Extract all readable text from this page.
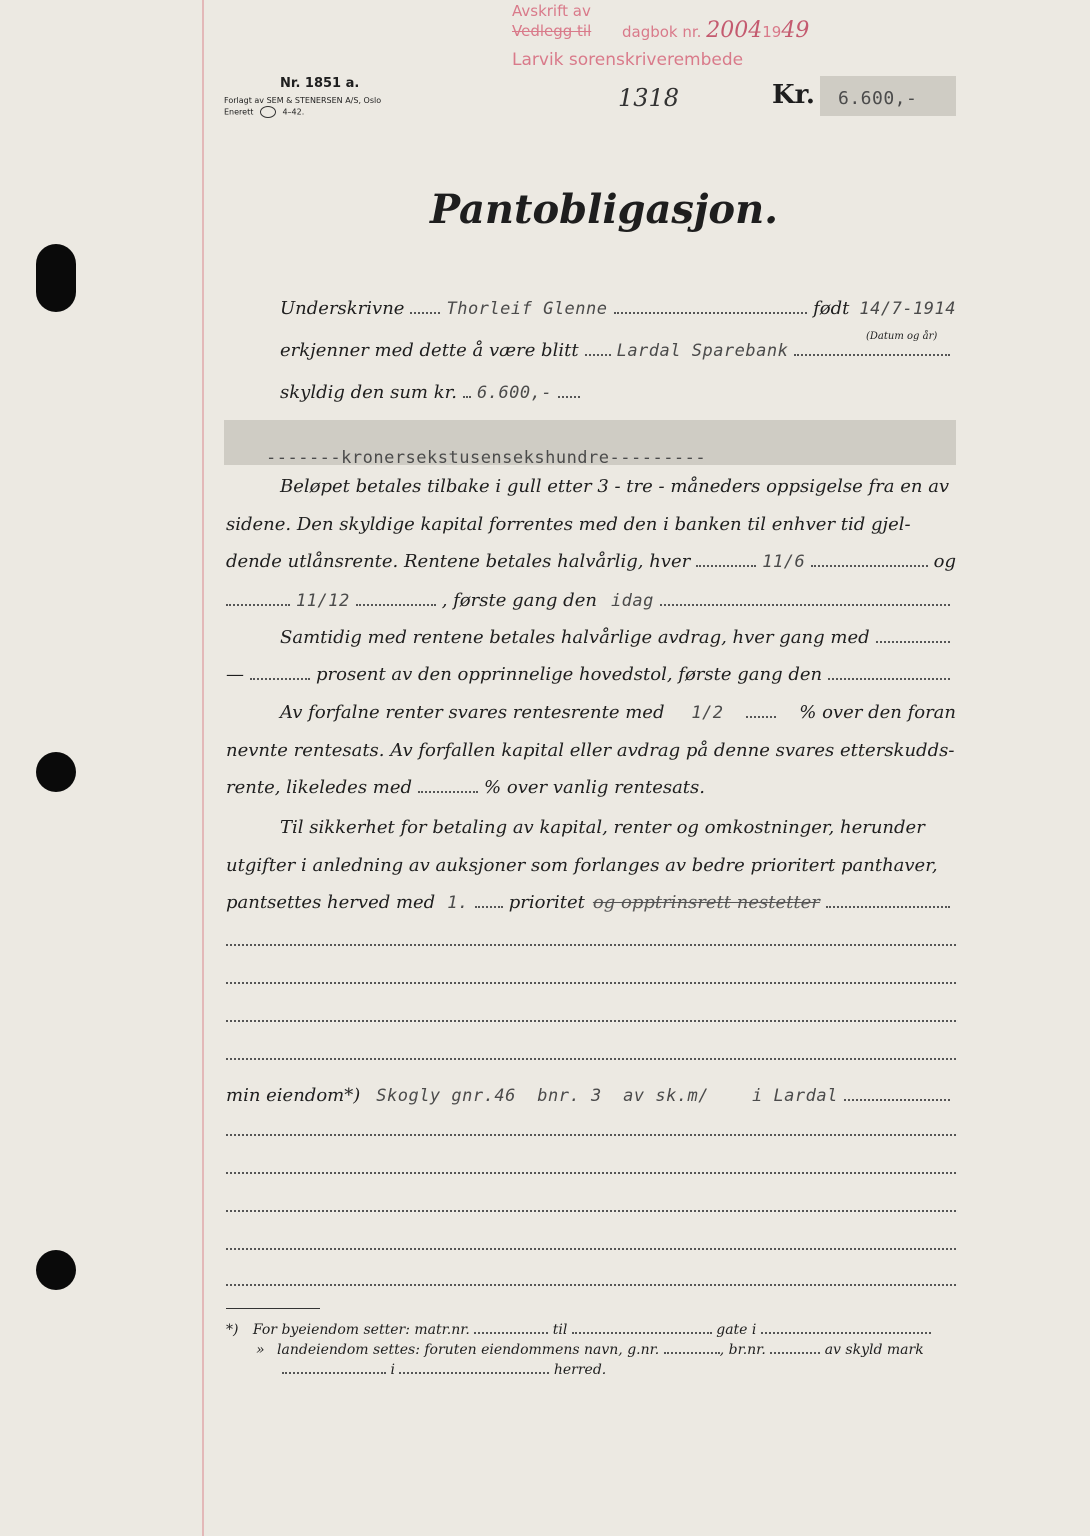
Avskrift av
Vedlegg til dagbok nr. 20041949
Larvik sorenskriverembede
1318
Nr. 1851 a.
Forlagt av SEM & STENERSEN A/S, Oslo
Enerett	4–42.
Kr. 6.600,-
Pantobligasjon.
Underskrivne Thorleif Glenne	født 14/7-1914
(Datum og år)
erkjenner med dette å være blitt Lardal Sparebank
skyldig den sum kr. 6.600,-
-------kronersekstusensekshundre---------
Beløpet betales tilbake i gull etter 3 - tre - måneders oppsigelse fra en av
sidene. Den skyldige kapital forrentes med den i banken til enhver tid gjel-
dende utlånsrente. Rentene betales halvårlig, hver	11/6	og
11/12	, første gang den idag
Samtidig med rentene betales halvårlige avdrag, hver gang med
—	prosent av den opprinnelige hovedstol, første gang den
Av forfalne renter svares rentesrente med 1/2	% over den foran
nevnte rentesats. Av forfallen kapital eller avdrag på denne svares etterskudds-
rente, likeledes med	% over vanlig rentesats.
Til sikkerhet for betaling av kapital, renter og omkostninger, herunder
utgifter i anledning av auksjoner som forlanges av bedre prioritert panthaver,
pantsettes herved med 1. prioritet og opptrinsrett nestetter
min eiendom*) Skogly gnr.46  bnr. 3  av sk.m/    i Lardal
*) For byeiendom setter: matr.nr.	til	gate i
» landeiendom settes: foruten eiendommens navn, g.nr.	, br.nr.	av skyld mark
i	herred.
